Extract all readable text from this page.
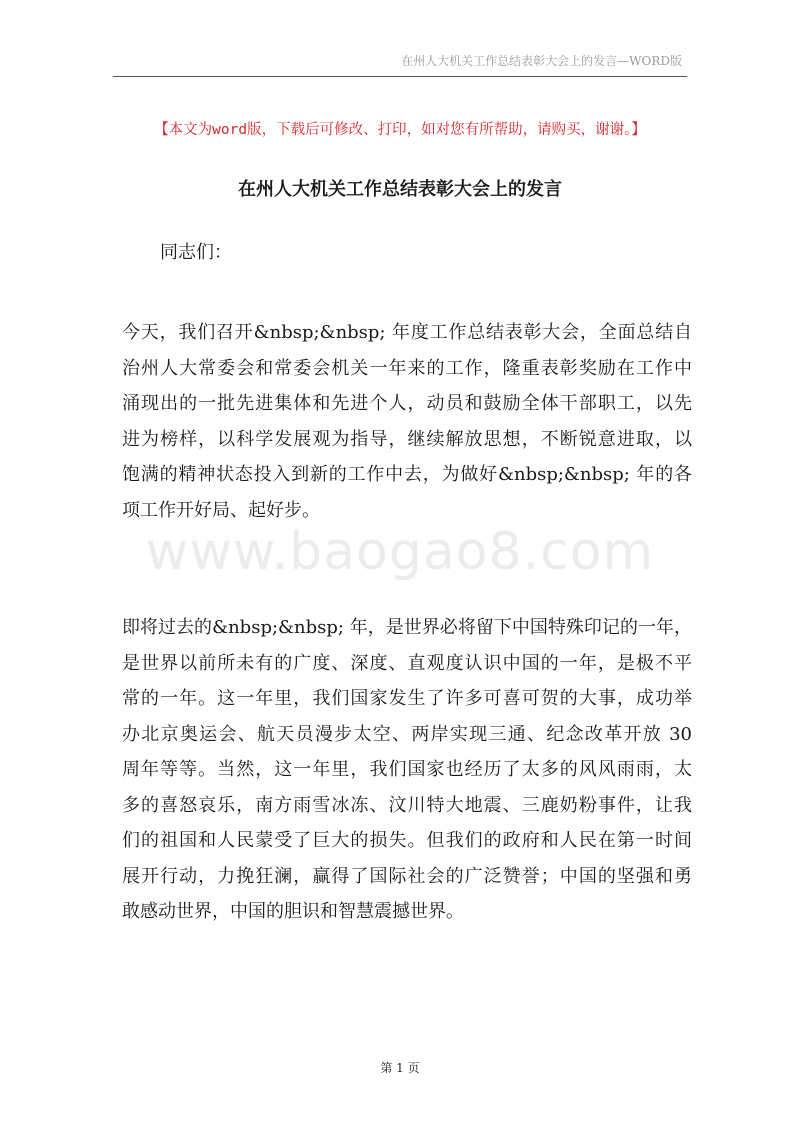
在州人大机关工作总结表彰大会上的发言—WORD版
【本文为word版，下载后可修改、打印，如对您有所帮助，请购买，谢谢。】
在州人大机关工作总结表彰大会上的发言
同志们：
www.baogao8.com
今天，我们召开&nbsp;&nbsp; 年度工作总结表彰大会，全面总结自
治州人大常委会和常委会机关一年来的工作，隆重表彰奖励在工作中
涌现出的一批先进集体和先进个人，动员和鼓励全体干部职工，以先
进为榜样，以科学发展观为指导，继续解放思想，不断锐意进取，以
饱满的精神状态投入到新的工作中去，为做好&nbsp;&nbsp; 年的各
项工作开好局、起好步。
即将过去的&nbsp;&nbsp; 年，是世界必将留下中国特殊印记的一年，
是世界以前所未有的广度、深度、直观度认识中国的一年，是极不平
常的一年。这一年里，我们国家发生了许多可喜可贺的大事，成功举
办北京奥运会、航天员漫步太空、两岸实现三通、纪念改革开放 30
周年等等。当然，这一年里，我们国家也经历了太多的风风雨雨，太
多的喜怒哀乐，南方雨雪冰冻、汶川特大地震、三鹿奶粉事件，让我
们的祖国和人民蒙受了巨大的损失。但我们的政府和人民在第一时间
展开行动，力挽狂澜，赢得了国际社会的广泛赞誉；中国的坚强和勇
敢感动世界，中国的胆识和智慧震撼世界。
第 1 页
